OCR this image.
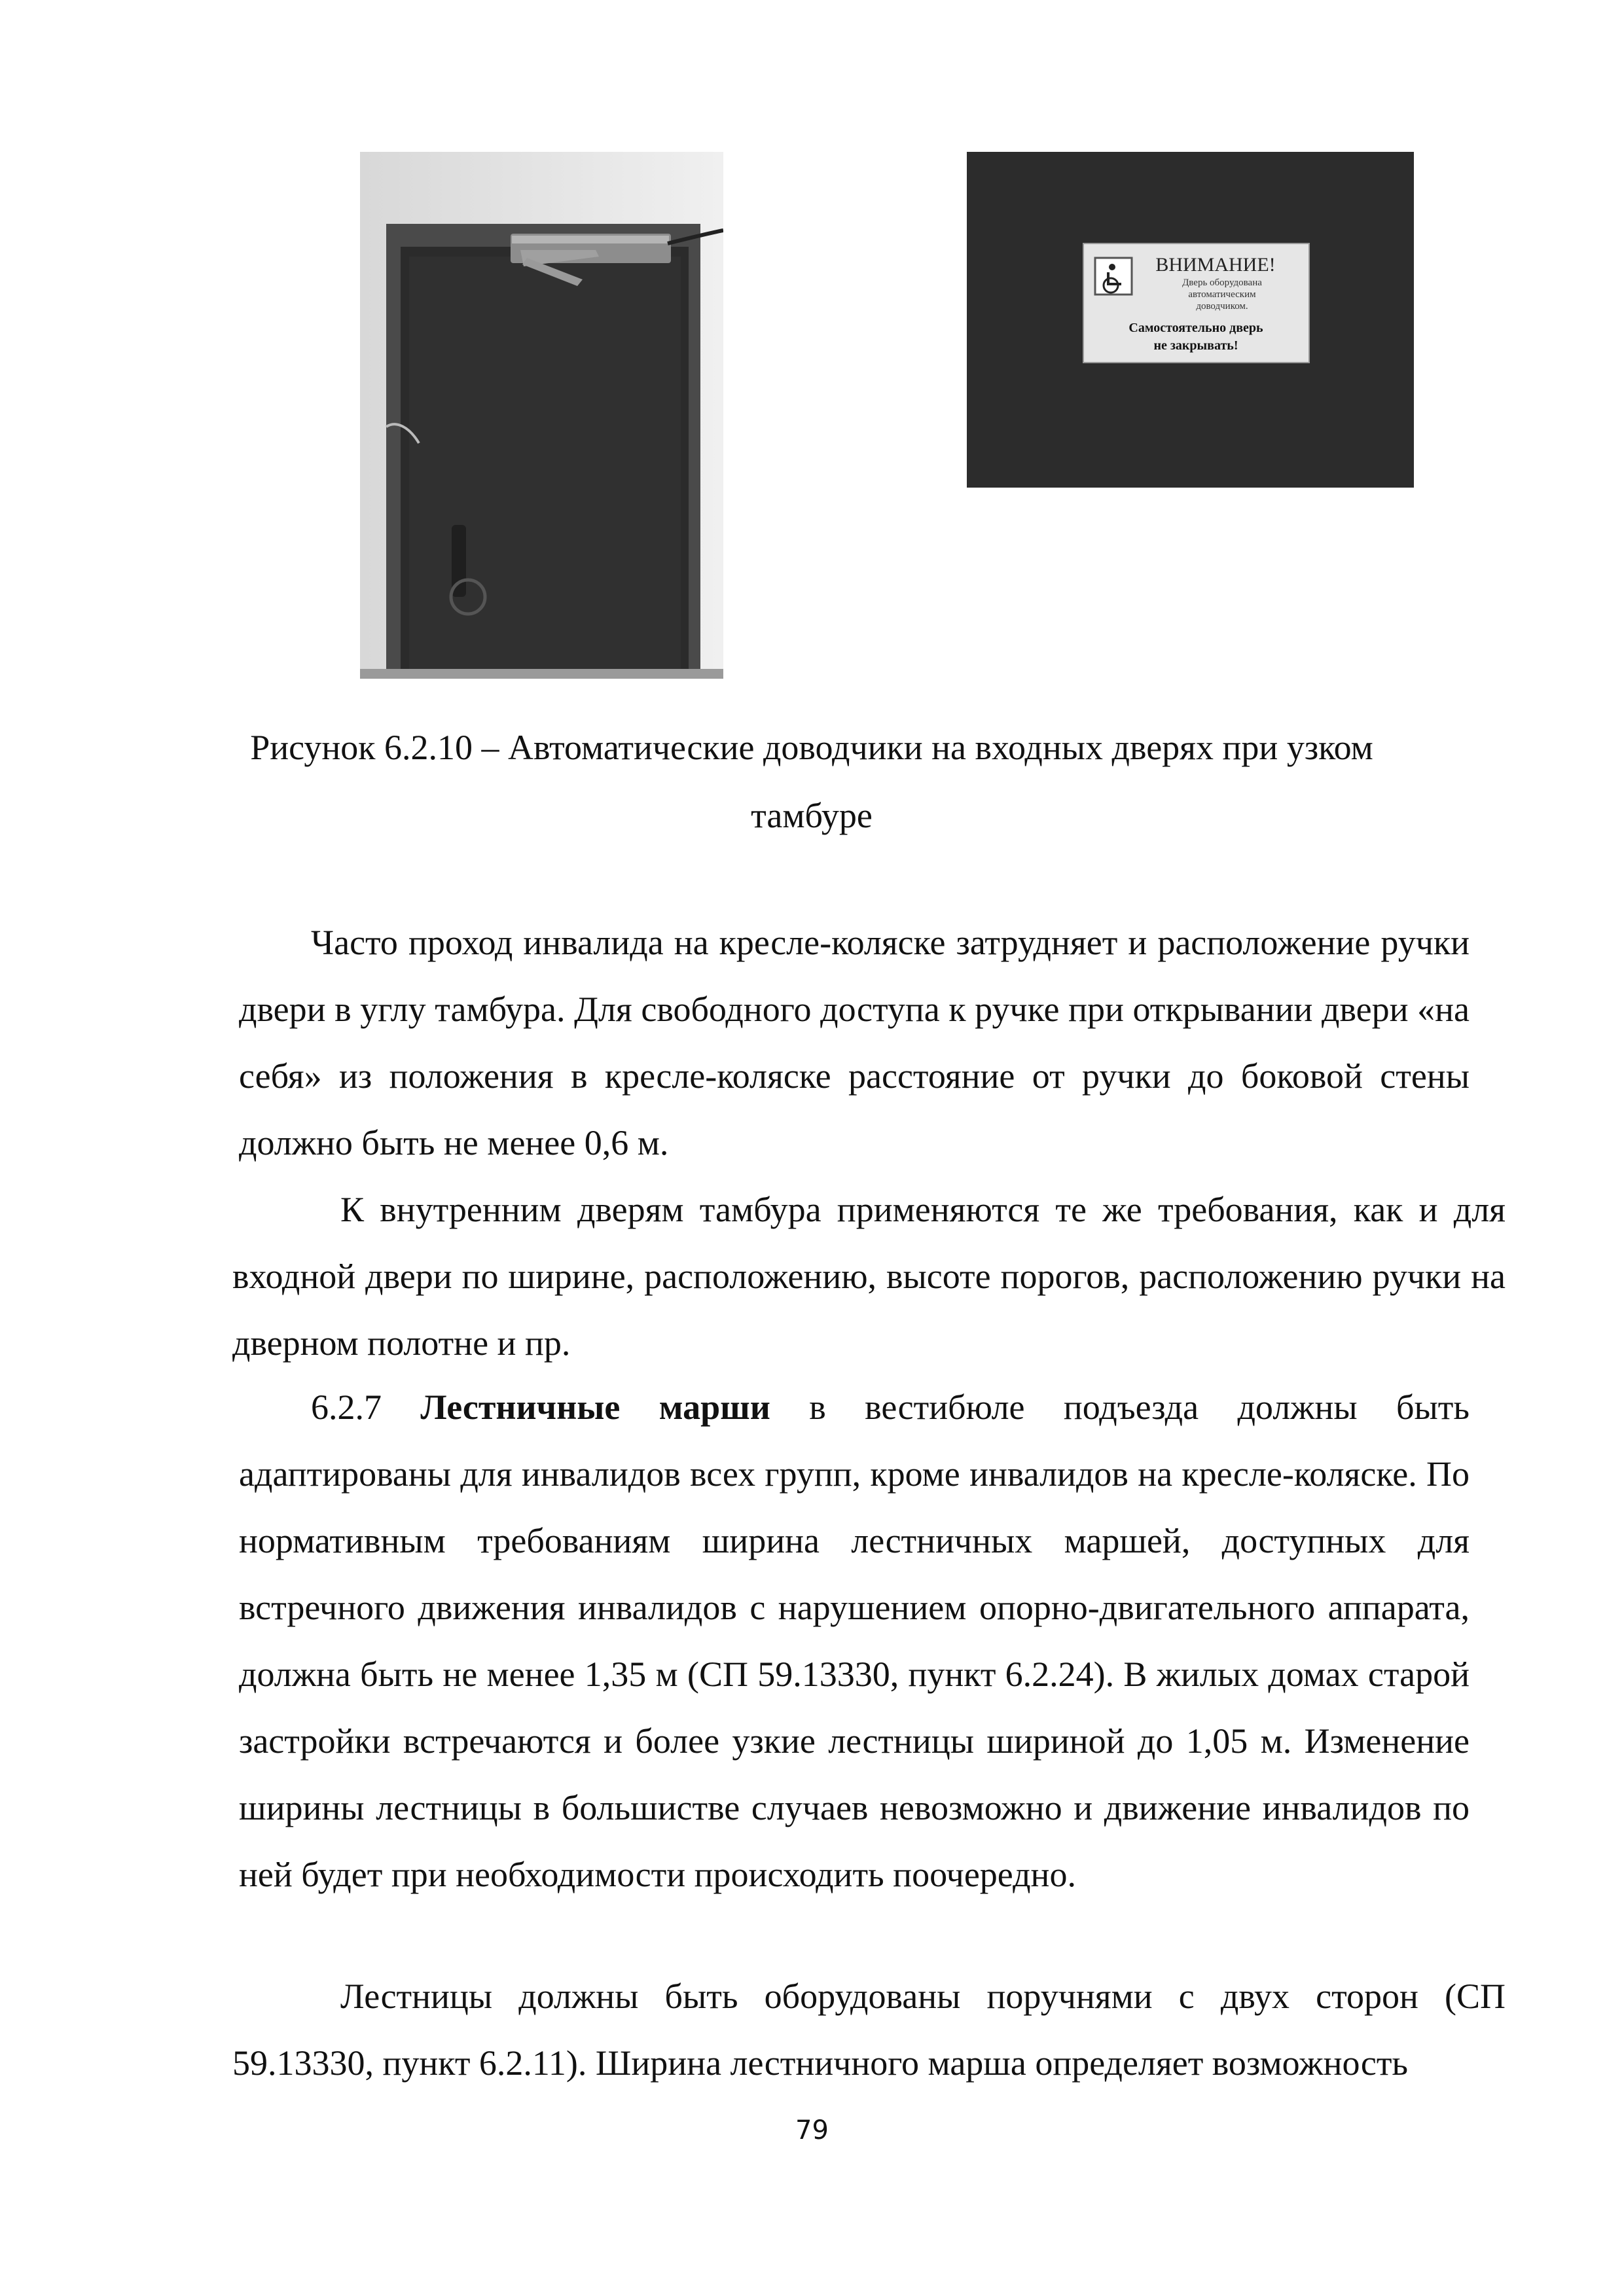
ВНИМАНИЕ!
Дверь оборудована
автоматическим
доводчиком.
Самостоятельно дверь
не закрывать!
Рисунок 6.2.10 – Автоматические доводчики на входных дверях при узком тамбуре
Часто проход инвалида на кресле-коляске затрудняет и расположение ручки двери в углу тамбура. Для свободного доступа к ручке при открывании двери «на себя» из положения в кресле-коляске расстояние от ручки до боковой стены должно быть не менее 0,6 м.
К внутренним дверям тамбура применяются те же требования, как и для входной двери по ширине, расположению, высоте порогов, расположению ручки на дверном полотне и пр.
6.2.7 Лестничные марши в вестибюле подъезда должны быть адаптированы для инвалидов всех групп, кроме инвалидов на кресле-коляске. По нормативным требованиям ширина лестничных маршей, доступных для встречного движения инвалидов с нарушением опорно-двигательного аппарата, должна быть не менее 1,35 м (СП 59.13330, пункт 6.2.24). В жилых домах старой застройки встречаются и более узкие лестницы шириной до 1,05 м. Изменение ширины лестницы в большистве случаев невозможно и движение инвалидов по ней будет при необходимости происходить поочередно.
Лестницы должны быть оборудованы поручнями с двух сторон (СП 59.13330, пункт 6.2.11). Ширина лестничного марша определяет возможность
79
